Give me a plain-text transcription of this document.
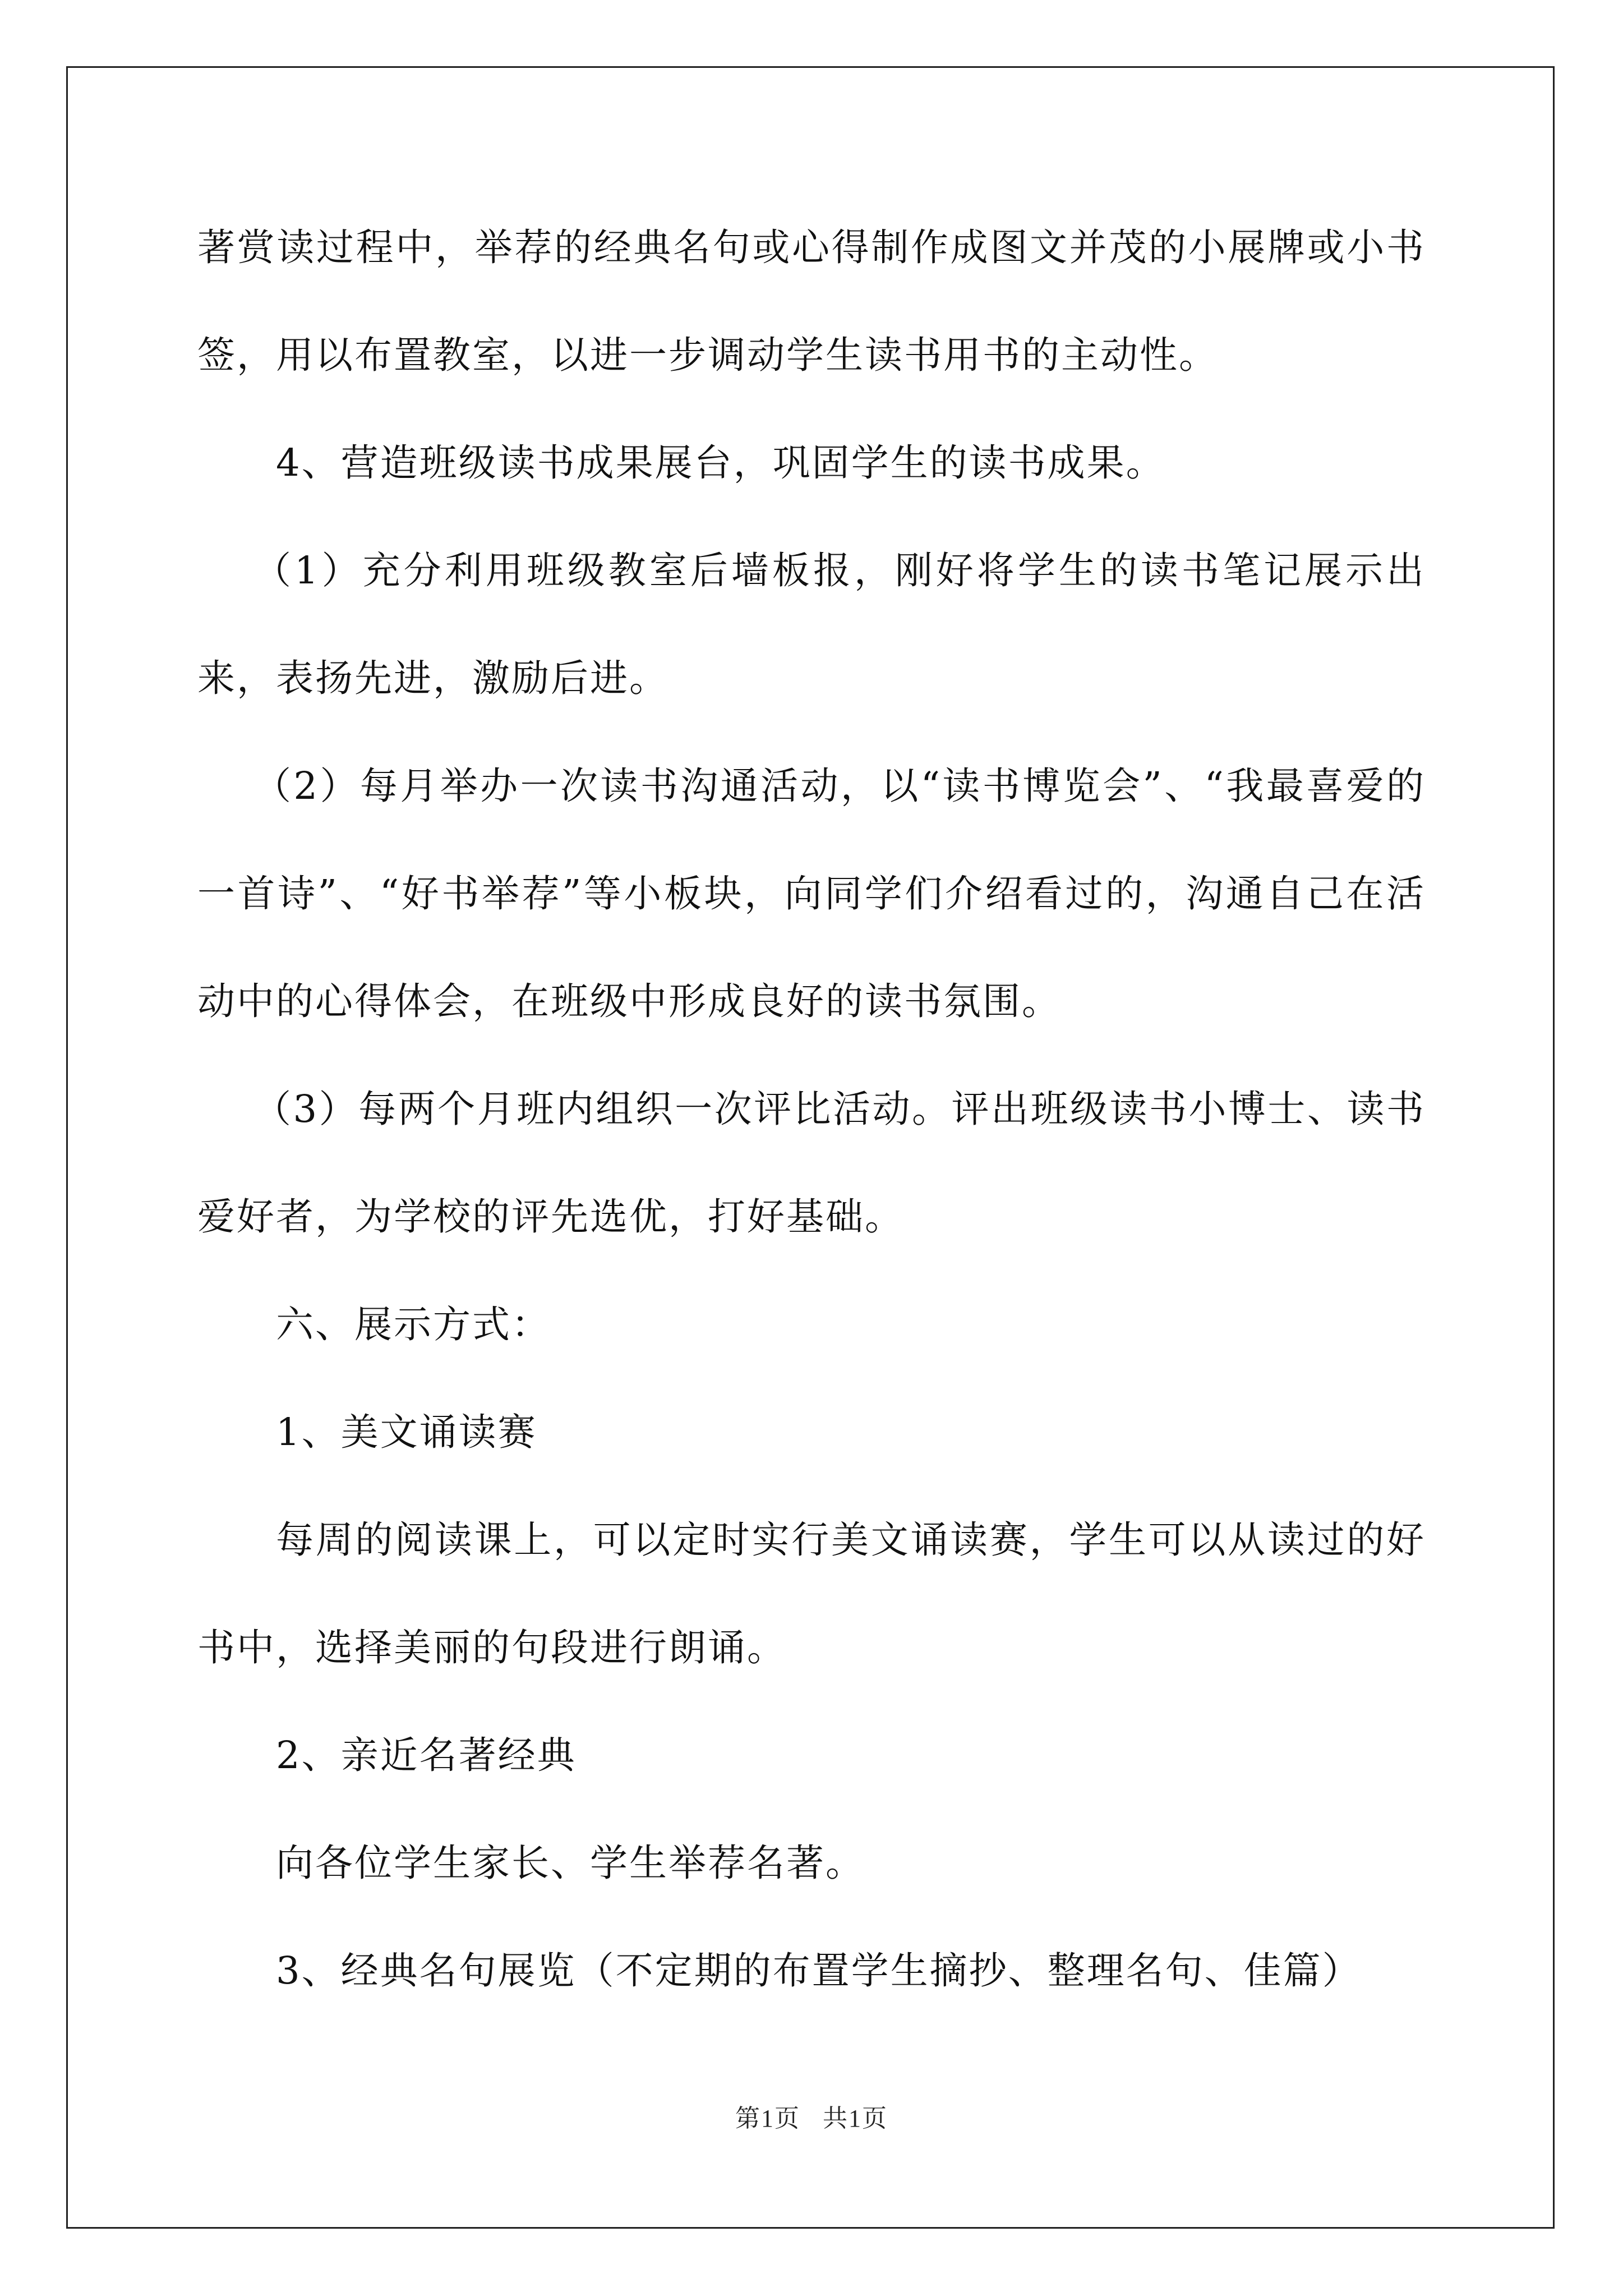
著赏读过程中，举荐的经典名句或心得制作成图文并茂的小展牌或小书签，用以布置教室，以进一步调动学生读书用书的主动性。

4、营造班级读书成果展台，巩固学生的读书成果。

（1）充分利用班级教室后墙板报，刚好将学生的读书笔记展示出来，表扬先进，激励后进。

（2）每月举办一次读书沟通活动，以“读书博览会”、“我最喜爱的一首诗”、“好书举荐”等小板块，向同学们介绍看过的，沟通自己在活动中的心得体会，在班级中形成良好的读书氛围。

（3）每两个月班内组织一次评比活动。评出班级读书小博士、读书爱好者，为学校的评先选优，打好基础。

六、展示方式：

1、美文诵读赛

每周的阅读课上，可以定时实行美文诵读赛，学生可以从读过的好书中，选择美丽的句段进行朗诵。

2、亲近名著经典

向各位学生家长、学生举荐名著。

3、经典名句展览（不定期的布置学生摘抄、整理名句、佳篇）

第1页 共1页
